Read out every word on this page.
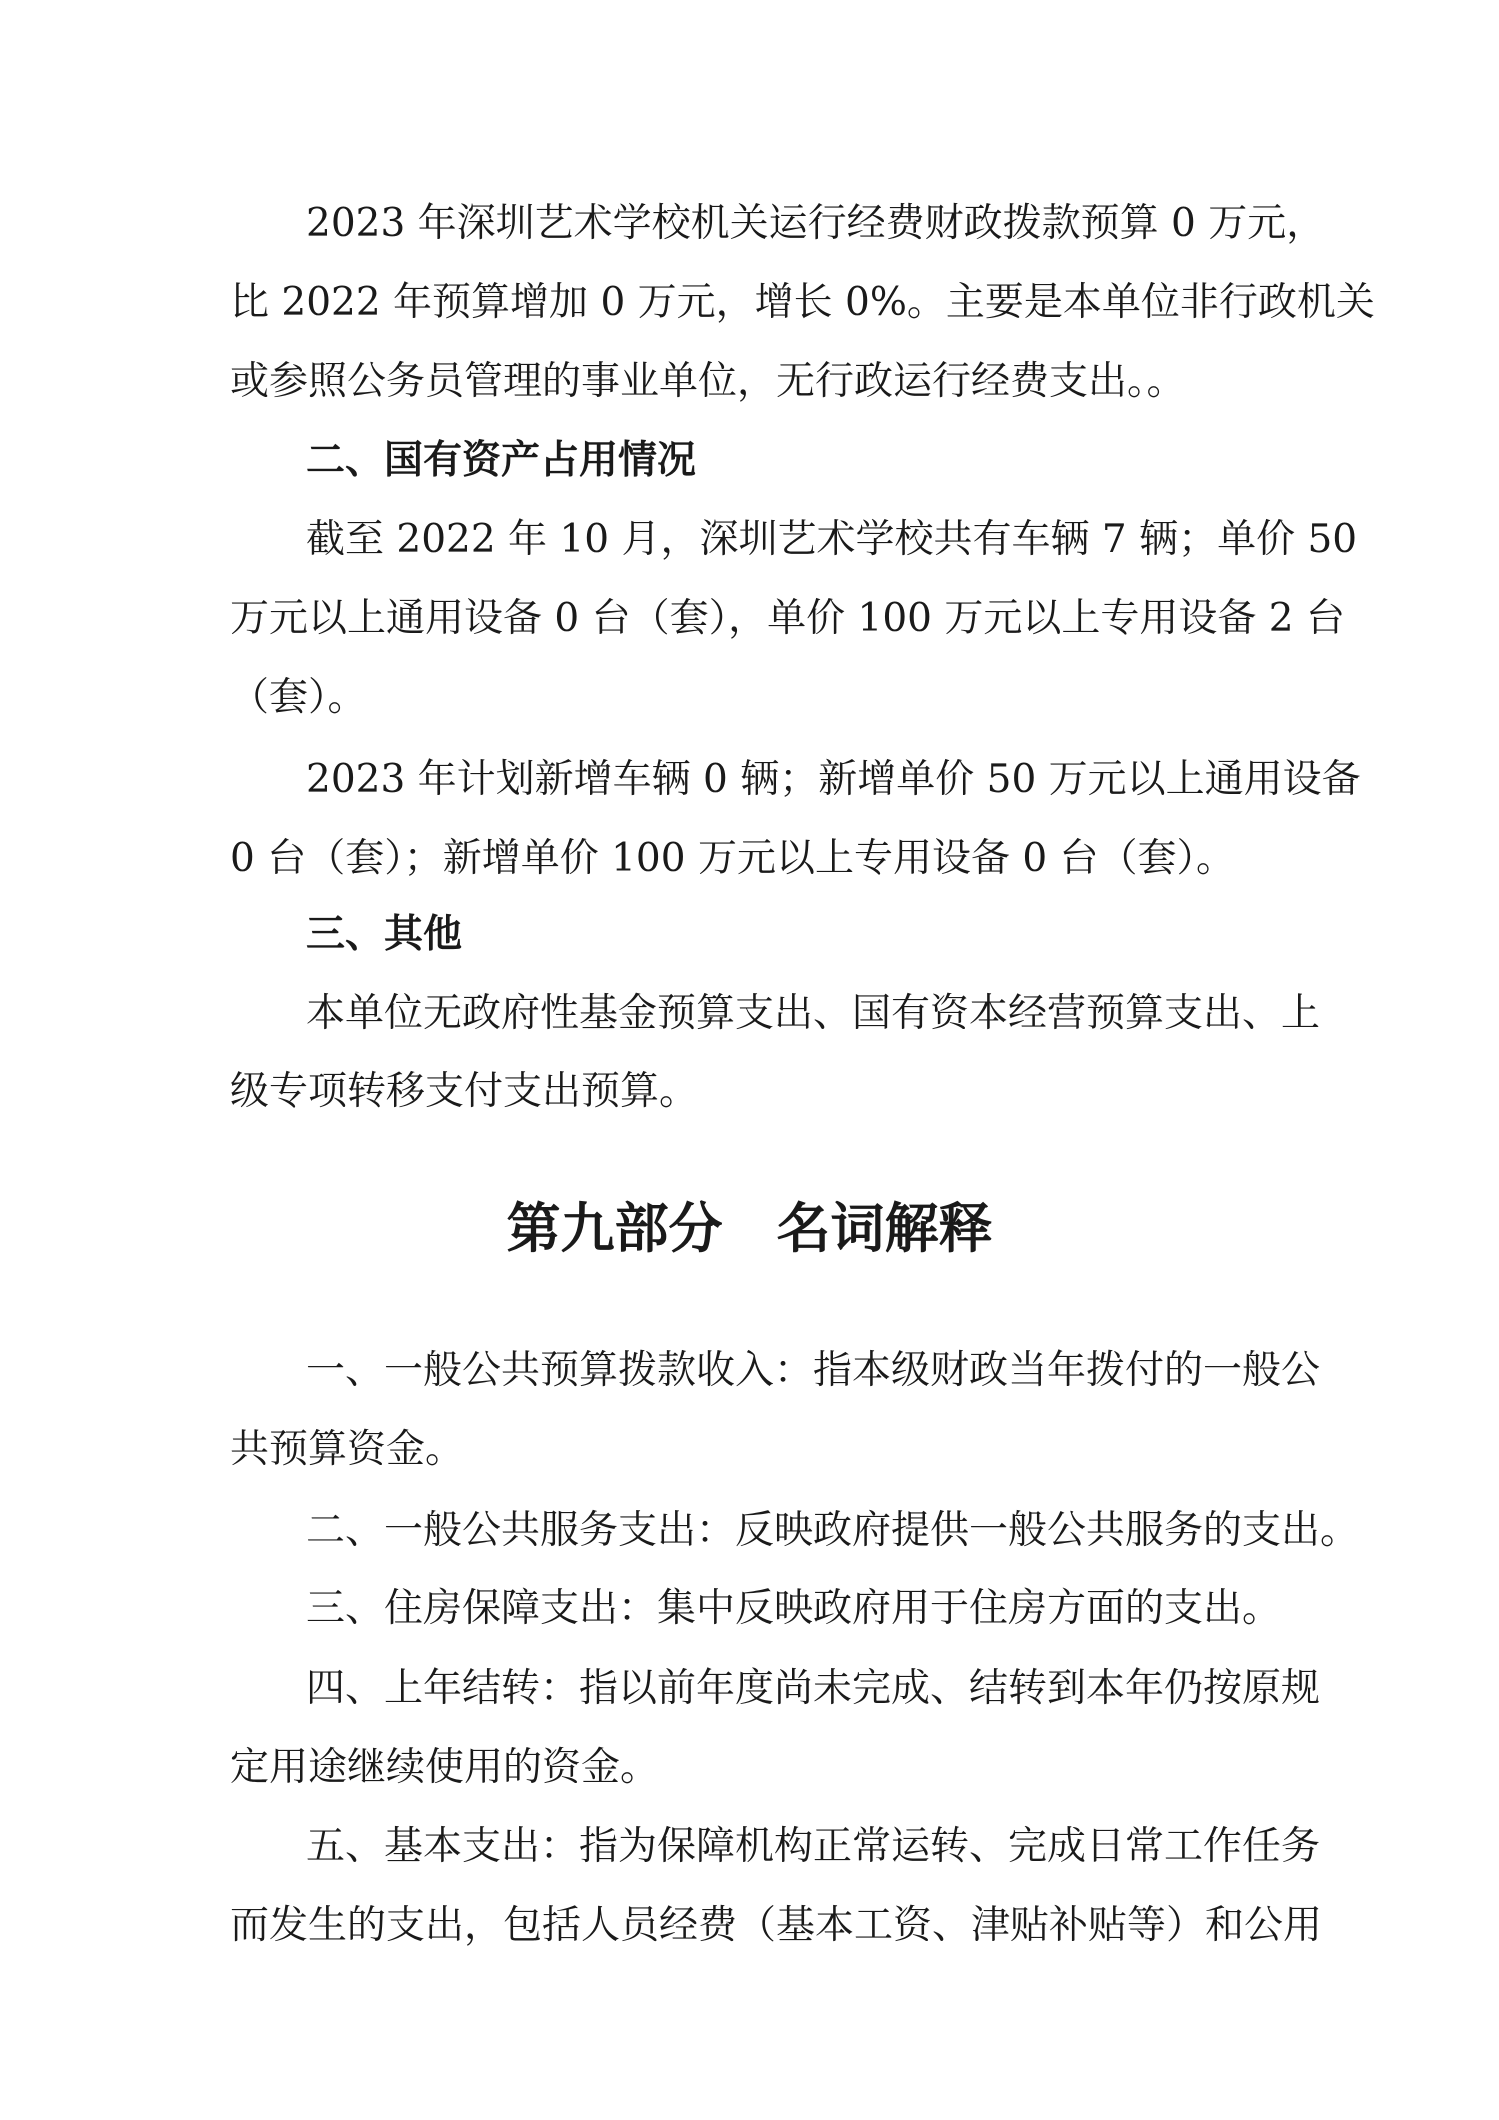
2023 年深圳艺术学校机关运行经费财政拨款预算 0 万元，

比 2022 年预算增加 0 万元，增长 0%。主要是本单位非行政机关

或参照公务员管理的事业单位，无行政运行经费支出。。

二、国有资产占用情况

截至 2022 年 10 月，深圳艺术学校共有车辆 7 辆；单价 50

万元以上通用设备 0 台（套），单价 100 万元以上专用设备 2 台

（套）。

2023 年计划新增车辆 0 辆；新增单价 50 万元以上通用设备

0 台（套）；新增单价 100 万元以上专用设备 0 台（套）。

三、其他

本单位无政府性基金预算支出、国有资本经营预算支出、上

级专项转移支付支出预算。

第九部分　名词解释

一、一般公共预算拨款收入：指本级财政当年拨付的一般公

共预算资金。

二、一般公共服务支出：反映政府提供一般公共服务的支出。

三、住房保障支出：集中反映政府用于住房方面的支出。

四、上年结转：指以前年度尚未完成、结转到本年仍按原规

定用途继续使用的资金。

五、基本支出：指为保障机构正常运转、完成日常工作任务

而发生的支出，包括人员经费（基本工资、津贴补贴等）和公用
